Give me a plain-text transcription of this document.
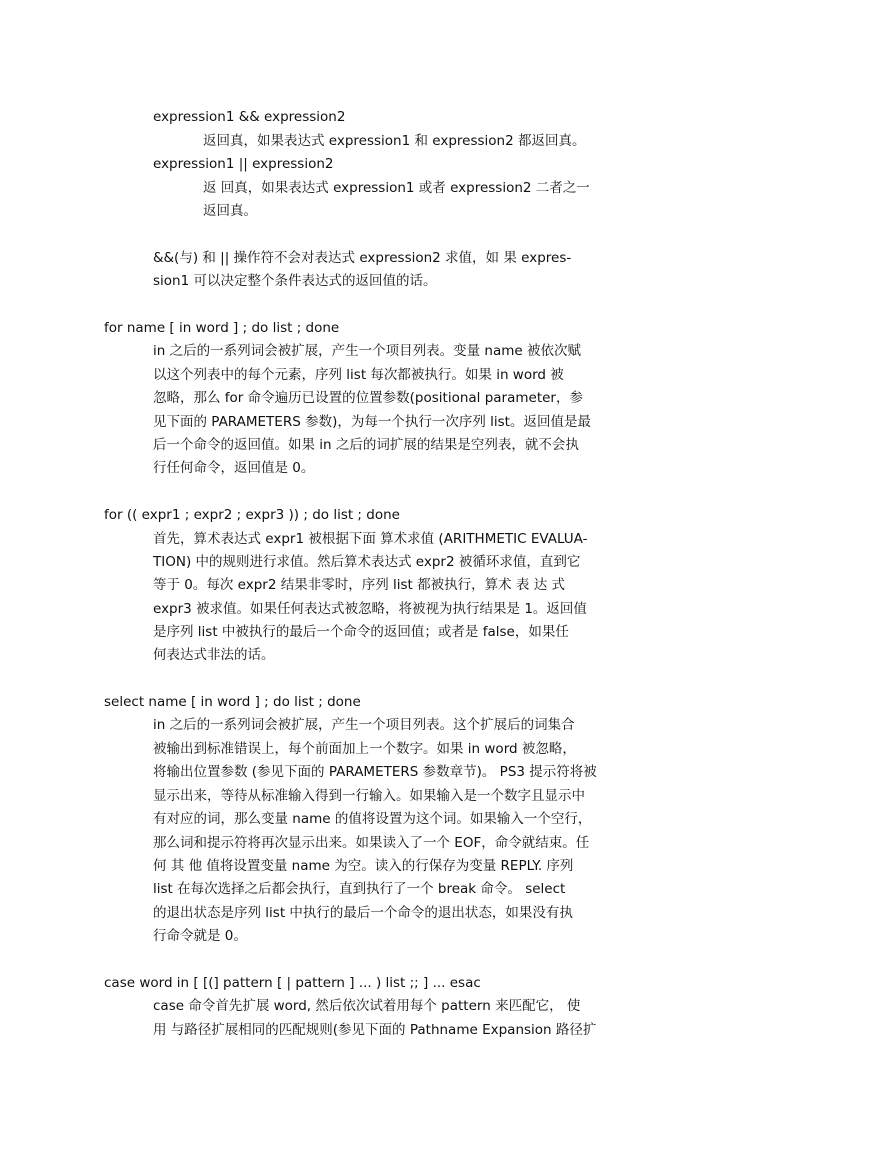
expression1 && expression2
返回真，如果表达式 expression1 和 expression2 都返回真。
expression1 || expression2
返 回真，如果表达式 expression1 或者 expression2 二者之一
返回真。
&&(与) 和 || 操作符不会对表达式 expression2 求值，如 果 expres-
sion1 可以决定整个条件表达式的返回值的话。
for name [ in word ] ; do list ; done
in 之后的一系列词会被扩展，产生一个项目列表。变量 name 被依次赋
以这个列表中的每个元素，序列 list 每次都被执行。如果 in word 被
忽略，那么 for 命令遍历已设置的位置参数(positional parameter，参
见下面的 PARAMETERS 参数)，为每一个执行一次序列 list。返回值是最
后一个命令的返回值。如果 in 之后的词扩展的结果是空列表，就不会执
行任何命令，返回值是 0。
for (( expr1 ; expr2 ; expr3 )) ; do list ; done
首先，算术表达式 expr1 被根据下面 算术求值 (ARITHMETIC EVALUA-
TION) 中的规则进行求值。然后算术表达式 expr2 被循环求值，直到它
等于 0。每次 expr2 结果非零时，序列 list 都被执行，算术 表 达 式
expr3 被求值。如果任何表达式被忽略，将被视为执行结果是 1。返回值
是序列 list 中被执行的最后一个命令的返回值；或者是 false，如果任
何表达式非法的话。
select name [ in word ] ; do list ; done
in 之后的一系列词会被扩展，产生一个项目列表。这个扩展后的词集合
被输出到标准错误上，每个前面加上一个数字。如果 in word 被忽略，
将输出位置参数 (参见下面的 PARAMETERS 参数章节)。 PS3 提示符将被
显示出来，等待从标准输入得到一行输入。如果输入是一个数字且显示中
有对应的词，那么变量 name 的值将设置为这个词。如果输入一个空行，
那么词和提示符将再次显示出来。如果读入了一个 EOF，命令就结束。任
何 其 他 值将设置变量 name 为空。读入的行保存为变量 REPLY. 序列
list 在每次选择之后都会执行，直到执行了一个 break 命令。 select
的退出状态是序列 list 中执行的最后一个命令的退出状态，如果没有执
行命令就是 0。
case word in [ [(] pattern [ | pattern ] ... ) list ;; ] ... esac
case 命令首先扩展 word, 然后依次试着用每个 pattern 来匹配它， 使
用 与路径扩展相同的匹配规则(参见下面的 Pathname Expansion 路径扩
